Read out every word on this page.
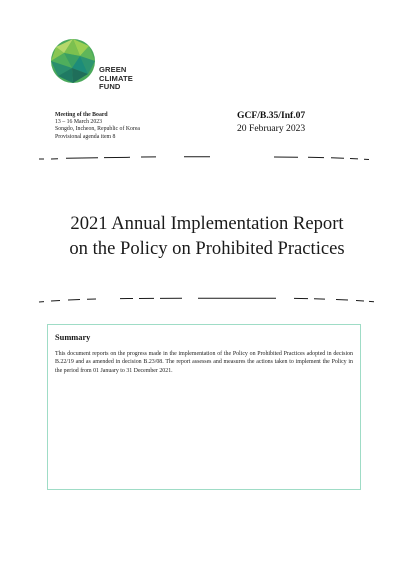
GREEN
CLIMATE
FUND
Meeting of the Board
13 – 16 March 2023
Songdo, Incheon, Republic of Korea
Provisional agenda item 8
GCF/B.35/Inf.07
20 February 2023
2021 Annual Implementation Report
on the Policy on Prohibited Practices
Summary
This document reports on the progress made in the implementation of the Policy on Prohibited Practices adopted in decision B.22/19 and as amended in decision B.23/08. The report assesses and measures the actions taken to implement the Policy in the period from 01 January to 31 December 2021.
